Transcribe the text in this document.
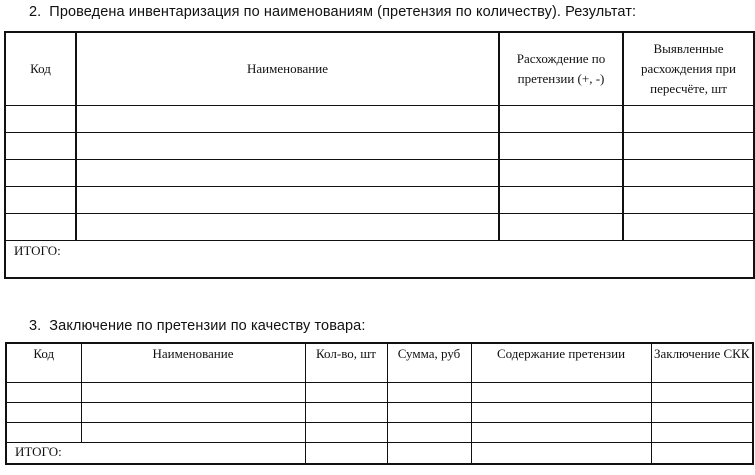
2. Проведена инвентаризация по наименованиям (претензия по количеству). Результат:
Код	Наименование	Расхождение по претензии (+, -)	Выявленные расхождения при пересчёте, шт

ИТОГО:			
3. Заключение по претензии по качеству товара:
Код	Наименование	Кол-во, шт	Сумма, руб	Содержание претензии	Заключение СКК

ИТОГО:					
